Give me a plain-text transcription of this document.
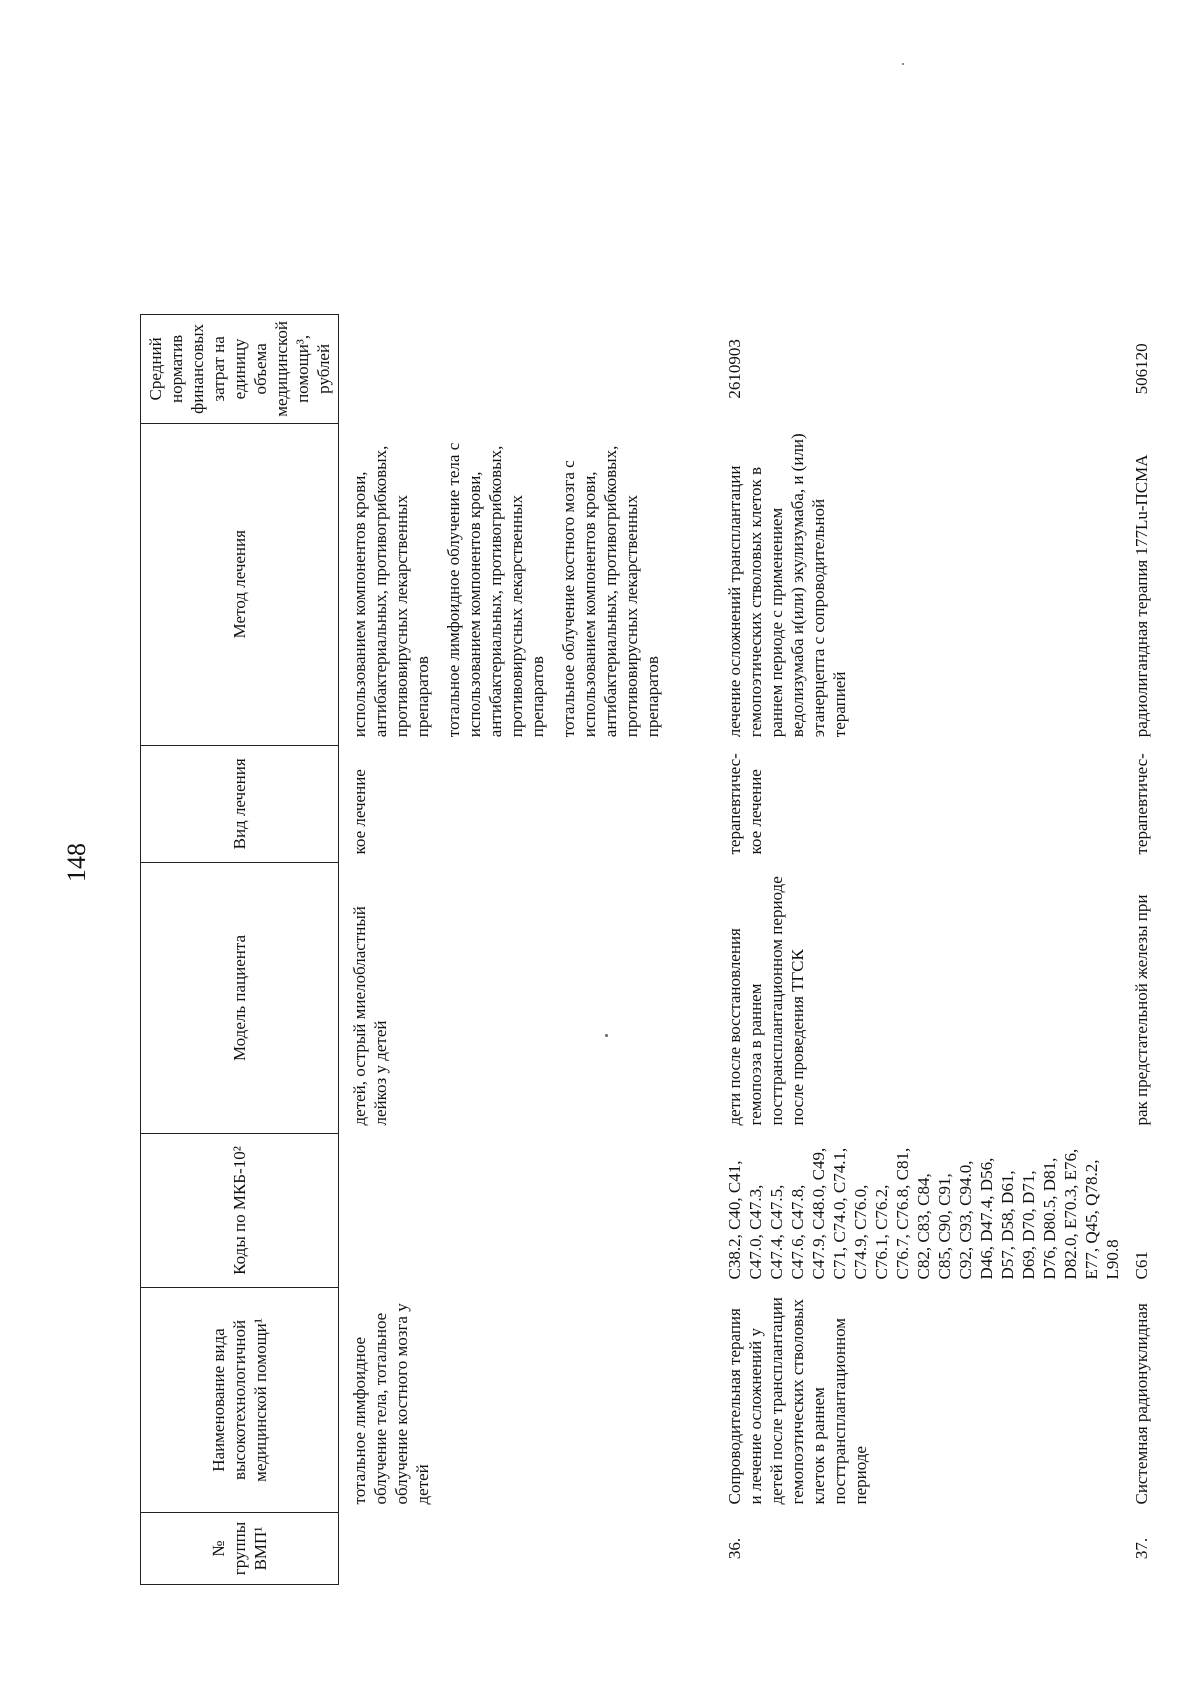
148
№ группы ВМП¹	Наименование вида высокотехнологичной медицинской помощи¹	Коды по МКБ-10²	Модель пациента	Вид лечения	Метод лечения	Средний норматив финансовых затрат на единицу объема медицинской помощи³, рублей
	тотальное лимфоидное облучение тела, тотальное облучение костного мозга у детей		детей, острый миелобластный лейкоз у детей	кое лечение	использованием компонентов крови, антибактериальных, противогрибковых, противовирусных лекарственных препаратов тотальное лимфоидное облучение тела с использованием компонентов крови, антибактериальных, противогрибковых, противовирусных лекарственных препаратов тотальное облучение костного мозга с использованием компонентов крови, антибактериальных, противогрибковых, противовирусных лекарственных препаратов	

36.	Сопроводительная терапия и лечение осложнений у детей после трансплантации гемопоэтических стволовых клеток в раннем посттрансплантационном периоде	C38.2, C40, C41, C47.0, C47.3, C47.4, C47.5, C47.6, C47.8, C47.9, C48.0, C49, C71, C74.0, C74.1, C74.9, C76.0, C76.1, C76.2, C76.7, C76.8, C81, C82, C83, C84, C85, C90, C91, C92, C93, C94.0, D46, D47.4, D56, D57, D58, D61, D69, D70, D71, D76, D80.5, D81, D82.0, E70.3, E76, E77, Q45, Q78.2, L90.8	дети после восстановления гемопоэза в раннем посттрансплантационном периоде после проведения ТГСК	терапевтичес-кое лечение	лечение осложнений трансплантации гемопоэтических стволовых клеток в раннем периоде с применением ведолизумаба и(или) экулизумаба, и (или) этанерцепта с сопроводительной терапией	2610903
37.	Системная радионуклидная	C61	рак предстательной железы при	терапевтичес-	радиолигандная терапия 177Lu-ПСМА	506120
